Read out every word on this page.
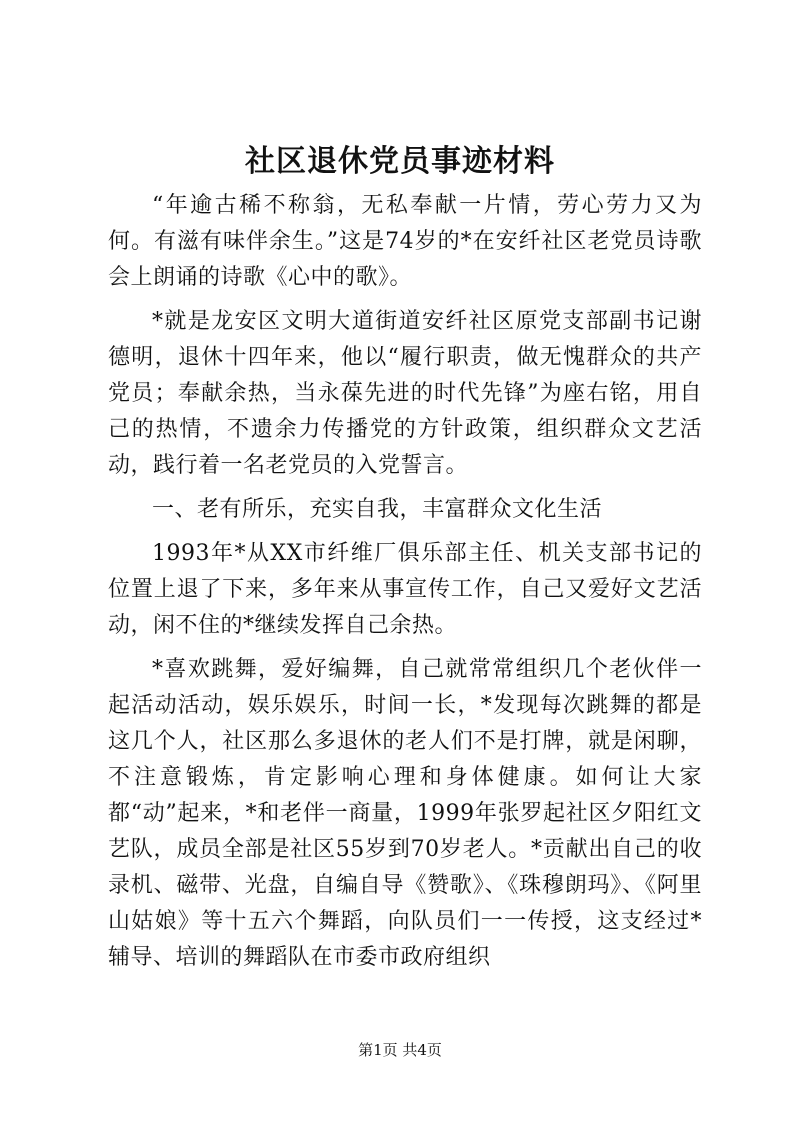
社区退休党员事迹材料

“年逾古稀不称翁，无私奉献一片情，劳心劳力又为何。有滋有味伴余生。”这是74岁的*在安纤社区老党员诗歌会上朗诵的诗歌《心中的歌》。

*就是龙安区文明大道街道安纤社区原党支部副书记谢德明，退休十四年来，他以“履行职责，做无愧群众的共产党员；奉献余热，当永葆先进的时代先锋”为座右铭，用自己的热情，不遗余力传播党的方针政策，组织群众文艺活动，践行着一名老党员的入党誓言。

一、老有所乐，充实自我，丰富群众文化生活

1993年*从XX市纤维厂俱乐部主任、机关支部书记的位置上退了下来，多年来从事宣传工作，自己又爱好文艺活动，闲不住的*继续发挥自己余热。

*喜欢跳舞，爱好编舞，自己就常常组织几个老伙伴一起活动活动，娱乐娱乐，时间一长，*发现每次跳舞的都是这几个人，社区那么多退休的老人们不是打牌，就是闲聊，不注意锻炼，肯定影响心理和身体健康。如何让大家都“动”起来，*和老伴一商量，1999年张罗起社区夕阳红文艺队，成员全部是社区55岁到70岁老人。*贡献出自己的收录机、磁带、光盘，自编自导《赞歌》、《珠穆朗玛》、《阿里山姑娘》等十五六个舞蹈，向队员们一一传授，这支经过*辅导、培训的舞蹈队在市委市政府组织

第1页 共4页
